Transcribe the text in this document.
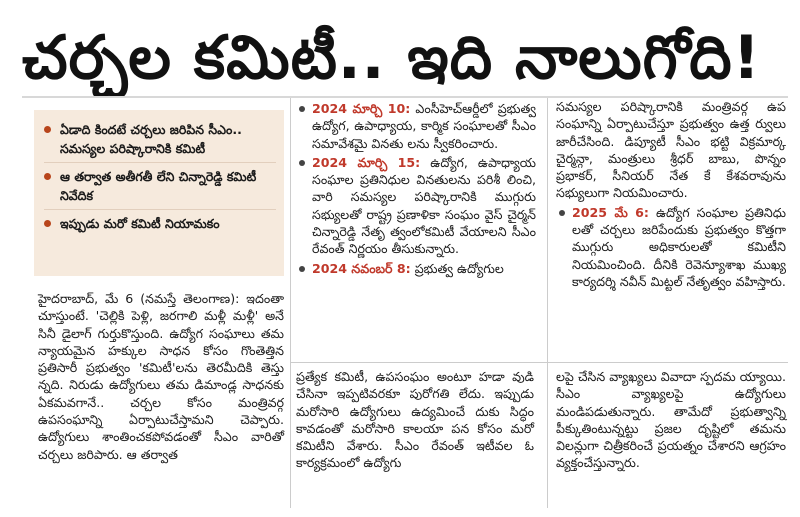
చర్చల కమిటీ.. ఇది నాలుగోది!
ఏడాది కిందటే చర్చలు జరిపిన సీఎం.. సమస్యల పరిష్కారానికి కమిటీ
ఆ తర్వాత అతీగతీ లేని చిన్నారెడ్డి కమిటీ నివేదిక
ఇప్పుడు మరో కమిటీ నియామకం

హైదరాబాద్, మే 6 (నమస్తే తెలంగాణ): ఇదంతా చూస్తుంటే. 'చెల్లికి పెళ్లి, జరగాలి మళ్లీ మళ్లీ' అనే సినీ డైలాగ్ గుర్తుకొస్తుంది. ఉద్యోగ సంఘాలు తమ న్యాయమైన హక్కుల సాధన కోసం గొంతెత్తిన ప్రతిసారీ ప్రభుత్వం 'కమిటీ'లను తెరమీదికి తెస్తు న్నది. నిరుడు ఉద్యోగులు తమ డిమాండ్ల సాధనకు ఏకమవగానే.. చర్చల కోసం మంత్రివర్గ ఉపసంఘాన్ని ఏర్పాటుచేస్తామని చెప్పారు. ఉద్యోగులు శాంతించకపోవడంతో సీఎం వారితో చర్చలు జరిపారు. ఆ తర్వాత

2024 మార్చి 10: ఎంసీహెచ్ఆర్డీలో ప్రభుత్వ ఉద్యోగ, ఉపాధ్యాయ, కార్మిక సంఘాలతో సీఎం సమావేశమై వినతు లను స్వీకరించారు.
2024 మార్చి 15: ఉద్యోగ, ఉపాధ్యాయ సంఘాల ప్రతినిధుల వినతులను పరిశీ లించి, వారి సమస్యల పరిష్కారానికి ముగ్గురు సభ్యులతో రాష్ట్ర ప్రణాళికా సంఘం వైస్ చైర్మన్ చిన్నారెడ్డి నేతృ త్వంలోకమిటీ వేయాలని సీఎం రేవంత్ నిర్ణయం తీసుకున్నారు.
2024 నవంబర్ 8: ప్రభుత్వ ఉద్యోగుల

సమస్యల పరిష్కారానికి మంత్రివర్గ ఉప సంఘాన్ని ఏర్పాటుచేస్తూ ప్రభుత్వం ఉత్త ర్వులు జారీచేసింది. డిప్యూటీ సీఎం భట్టి విక్రమార్క చైర్మన్గా, మంత్రులు శ్రీధర్ బాబు, పొన్నం ప్రభాకర్, సీనియర్ నేత కే కేశవరావును సభ్యులుగా నియమించారు.

2025 మే 6: ఉద్యోగ సంఘాల ప్రతినిధు లతో చర్చలు జరిపేందుకు ప్రభుత్వం కొత్తగా ముగ్గురు అధికారులతో కమిటీని నియమించింది. దీనికి రెవెన్యూశాఖ ముఖ్య కార్యదర్శి నవీన్ మిట్టల్ నేతృత్వం వహిస్తారు.

ప్రత్యేక కమిటీ, ఉపసంఘం అంటూ హడా వుడి చేసినా ఇప్పటివరకూ పురోగతి లేదు. ఇప్పుడు మరోసారి ఉద్యోగులు ఉద్యమించే దుకు సిద్ధం కావడంతో మరోసారి కాలయా పన కోసం మరో కమిటీని వేశారు. సీఎం రేవంత్ ఇటీవల ఓ కార్యక్రమంలో ఉద్యోగు

లపై చేసిన వ్యాఖ్యలు వివాదా స్పదమ య్యాయి. సీఎం వ్యాఖ్యలపై ఉద్యోగులు మండిపడుతున్నారు. తామేదో ప్రభుత్వాన్ని పీక్కుతింటున్నట్టు ప్రజల దృష్టిలో తమను విలన్లుగా చిత్రీకరించే ప్రయత్నం చేశారని ఆగ్రహం వ్యక్తంచేస్తున్నారు.
